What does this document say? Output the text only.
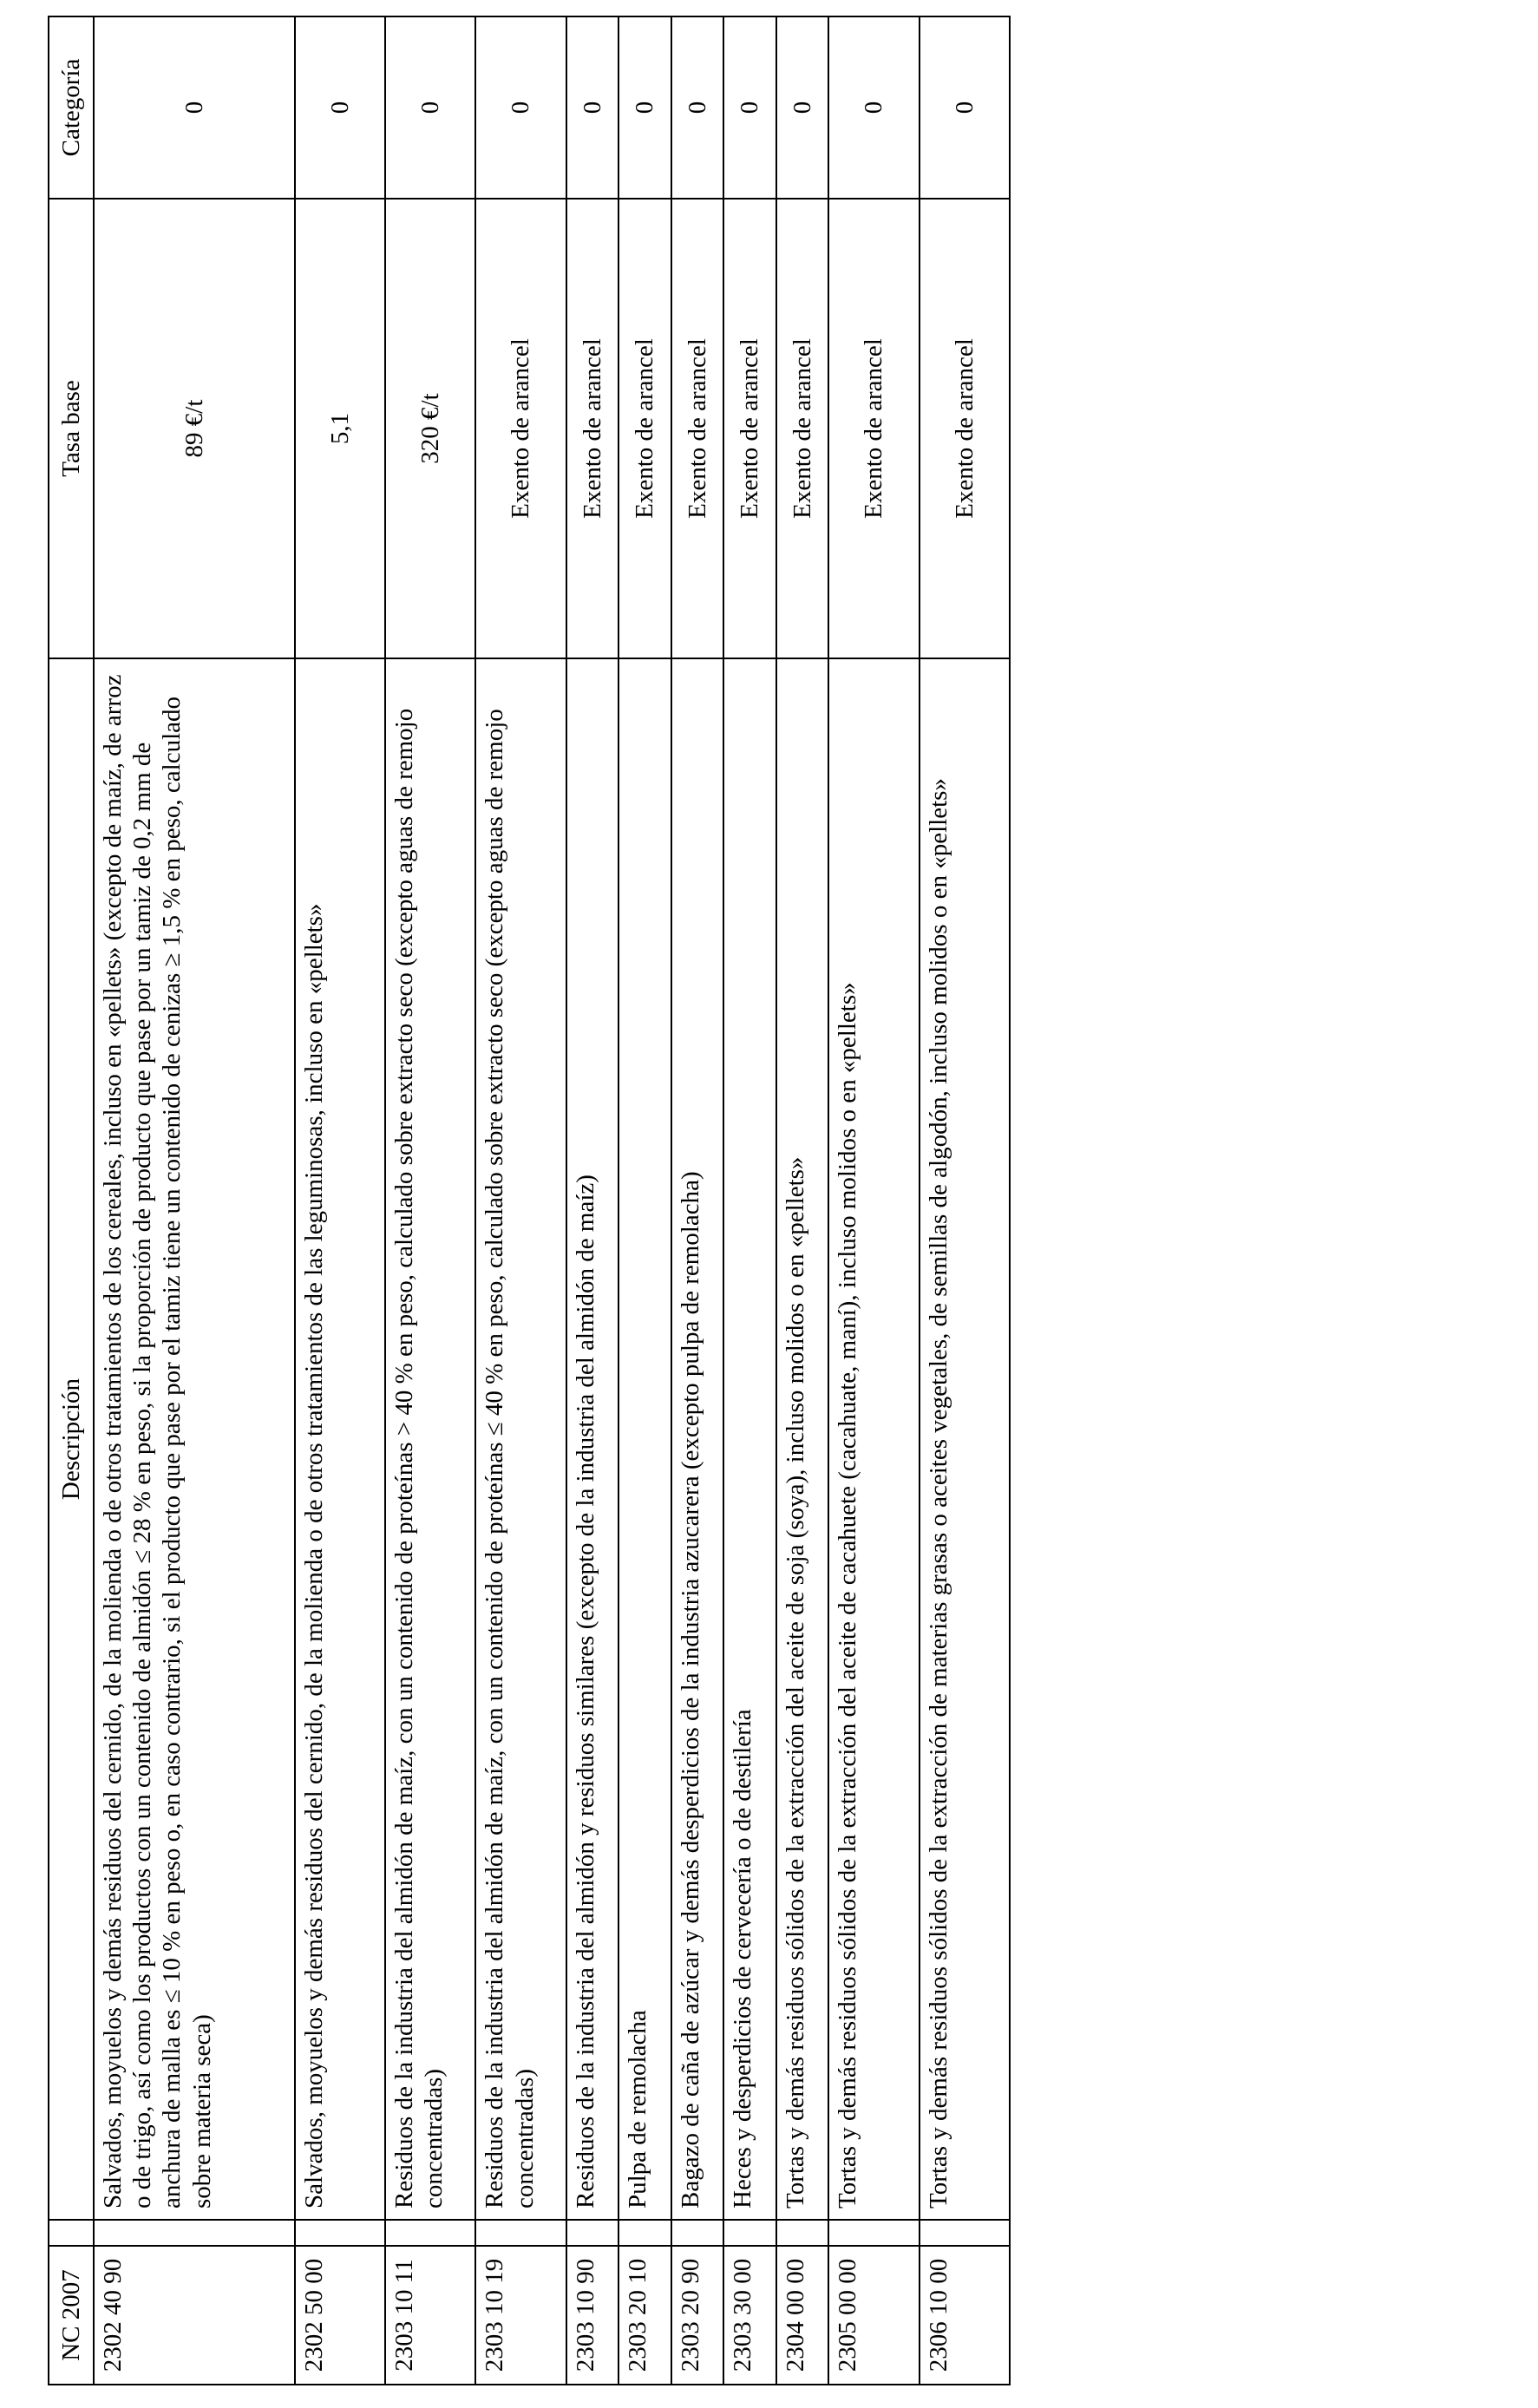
NC 2007		Descripción	Tasa base	Categoría
2302 40 90		Salvados, moyuelos y demás residuos del cernido, de la molienda o de otros tratamientos de los cereales, incluso en «pellets» (excepto de maíz, de arroz o de trigo, así como los productos con un contenido de almidón ≤ 28 % en peso, si la proporción de producto que pase por un tamiz de 0,2 mm de anchura de malla es ≤ 10 % en peso o, en caso contrario, si el producto que pase por el tamiz tiene un contenido de cenizas ≥ 1,5 % en peso, calculado sobre materia seca)	89 €/t	0
2302 50 00		Salvados, moyuelos y demás residuos del cernido, de la molienda o de otros tratamientos de las leguminosas, incluso en «pellets»	5,1	0
2303 10 11		Residuos de la industria del almidón de maíz, con un contenido de proteínas > 40 % en peso, calculado sobre extracto seco (excepto aguas de remojo concentradas)	320 €/t	0
2303 10 19		Residuos de la industria del almidón de maíz, con un contenido de proteínas ≤ 40 % en peso, calculado sobre extracto seco (excepto aguas de remojo concentradas)	Exento de arancel	0
2303 10 90		Residuos de la industria del almidón y residuos similares (excepto de la industria del almidón de maíz)	Exento de arancel	0
2303 20 10		Pulpa de remolacha	Exento de arancel	0
2303 20 90		Bagazo de caña de azúcar y demás desperdicios de la industria azucarera (excepto pulpa de remolacha)	Exento de arancel	0
2303 30 00		Heces y desperdicios de cervecería o de destilería	Exento de arancel	0
2304 00 00		Tortas y demás residuos sólidos de la extracción del aceite de soja (soya), incluso molidos o en «pellets»	Exento de arancel	0
2305 00 00		Tortas y demás residuos sólidos de la extracción del aceite de cacahuete (cacahuate, maní), incluso molidos o en «pellets»	Exento de arancel	0
2306 10 00		Tortas y demás residuos sólidos de la extracción de materias grasas o aceites vegetales, de semillas de algodón, incluso molidos o en «pellets»	Exento de arancel	0
